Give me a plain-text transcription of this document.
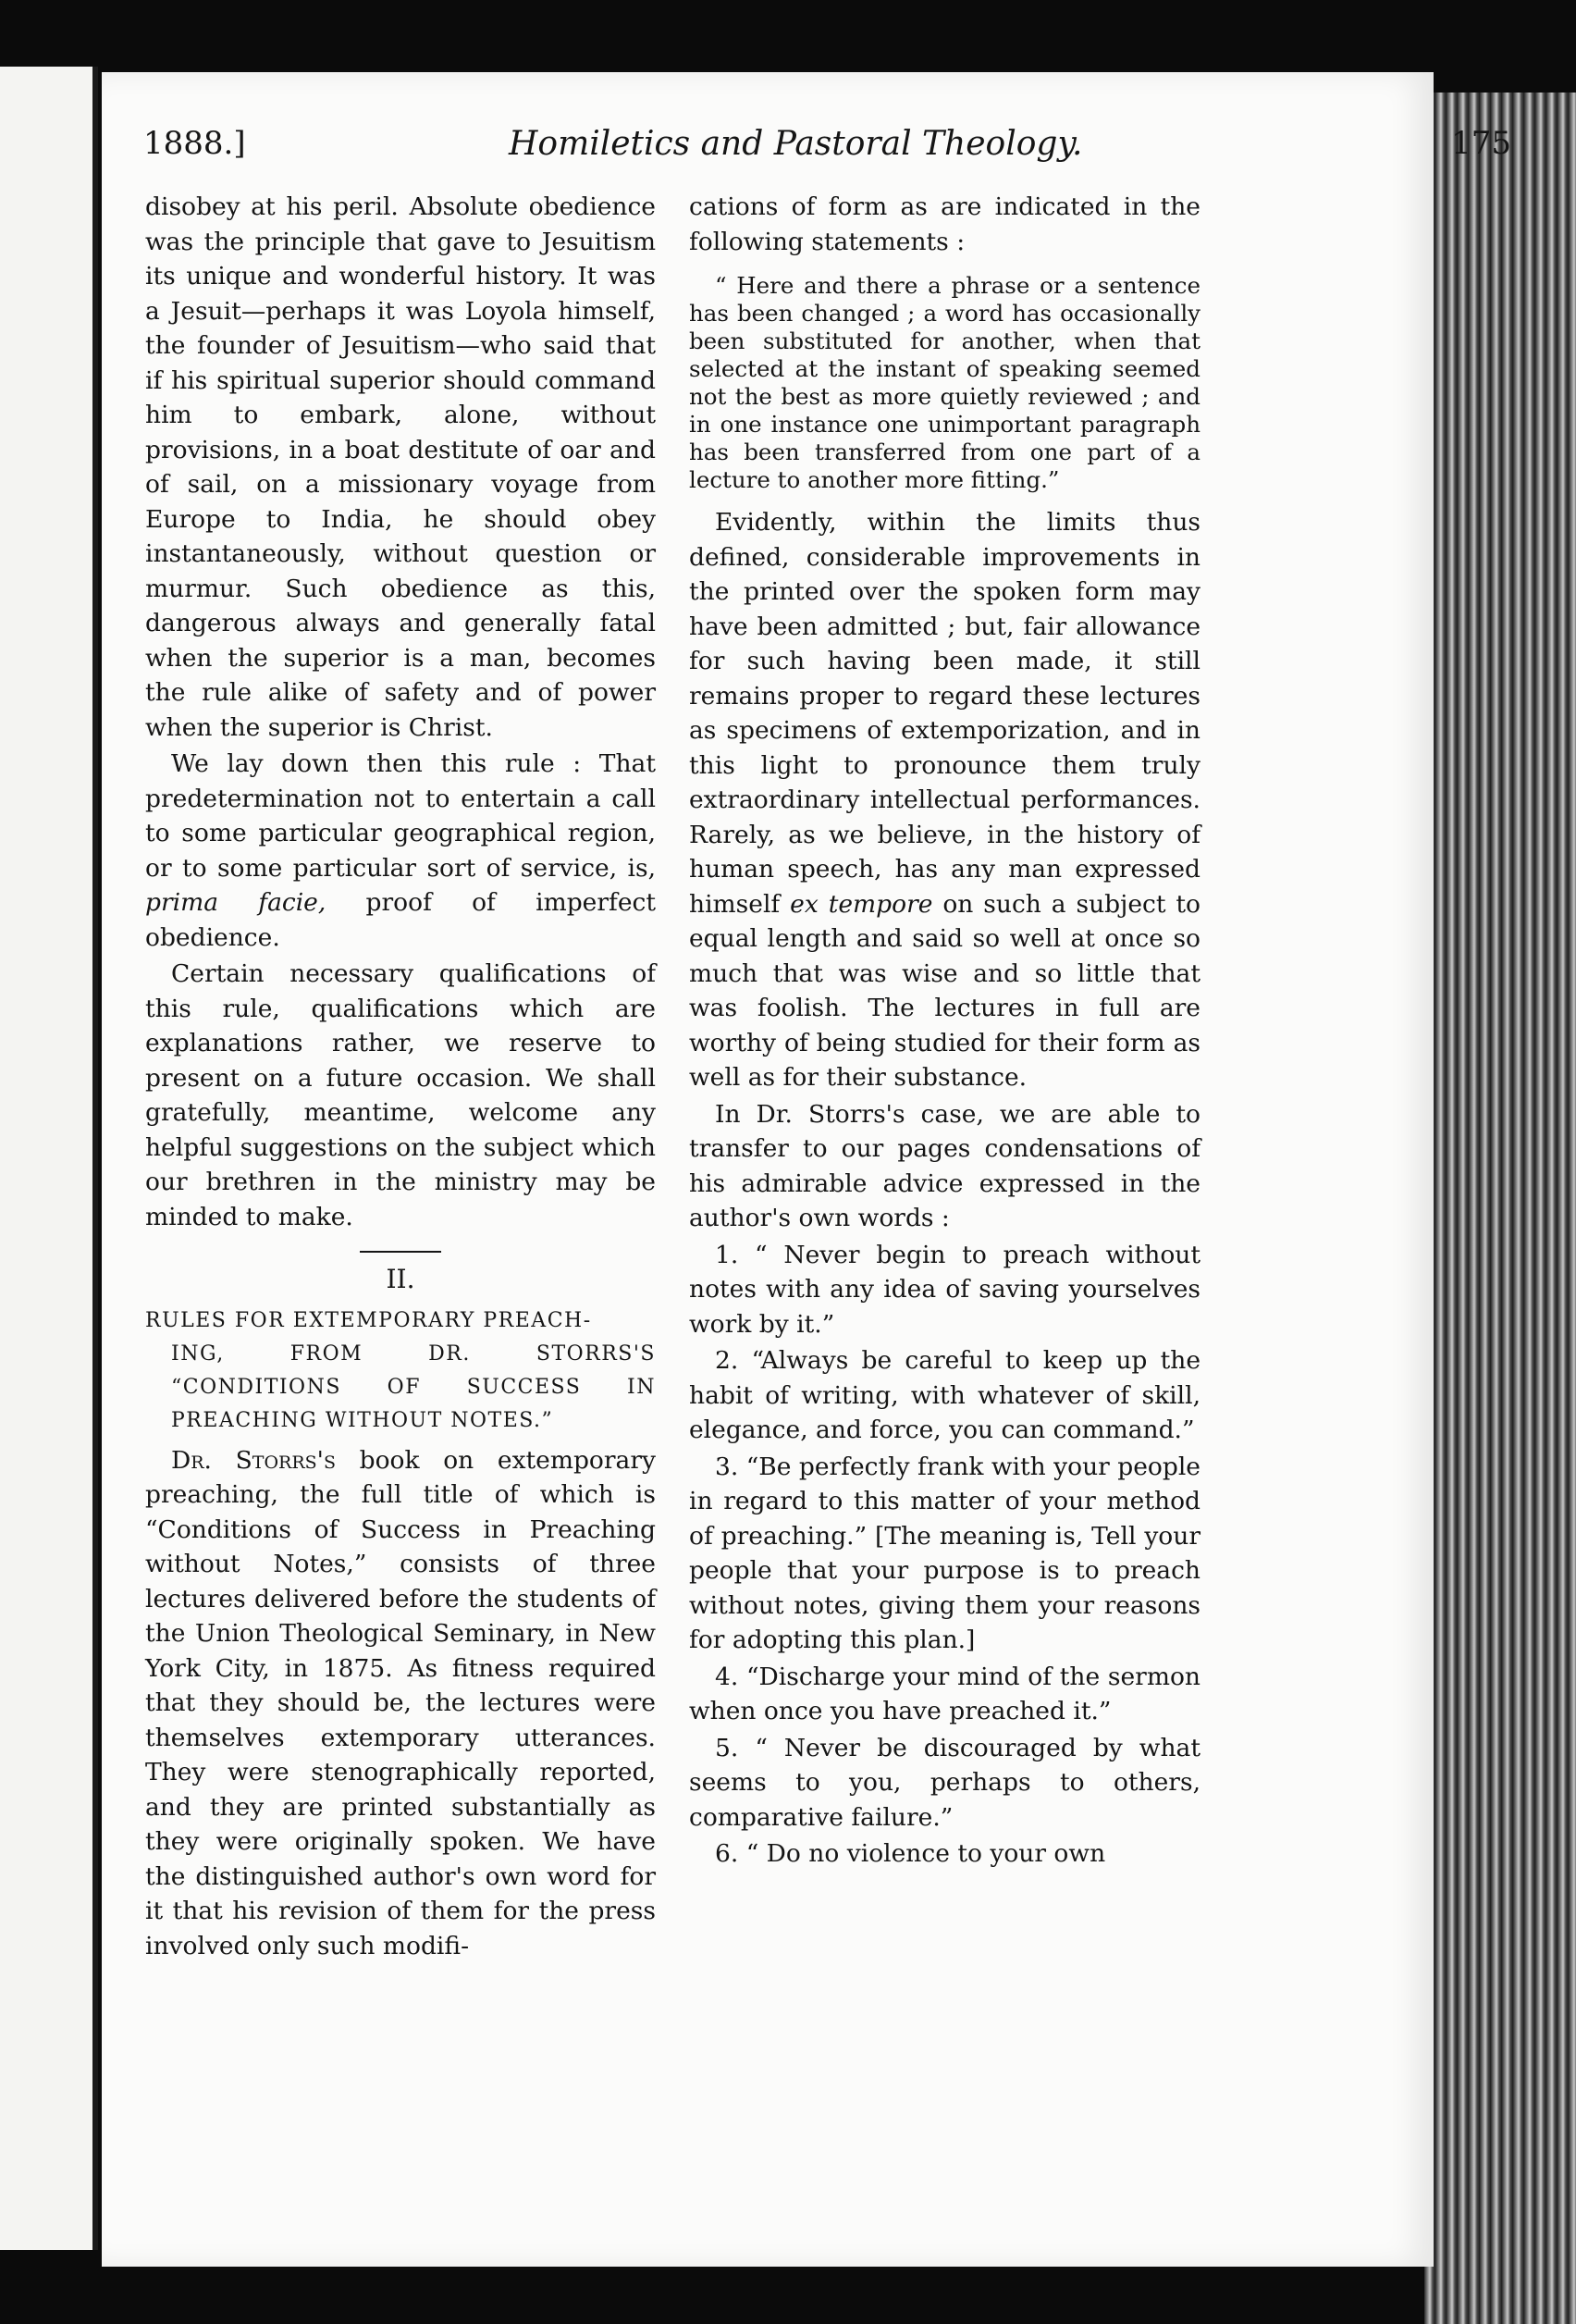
1888.]	Homiletics and Pastoral Theology.	175

disobey at his peril. Absolute obedience was the principle that gave to Jesuitism its unique and wonderful history. It was a Jesuit—perhaps it was Loyola himself, the founder of Jesuitism—who said that if his spiritual superior should command him to embark, alone, without provisions, in a boat destitute of oar and of sail, on a missionary voyage from Europe to India, he should obey instantaneously, without question or murmur. Such obedience as this, dangerous always and generally fatal when the superior is a man, becomes the rule alike of safety and of power when the superior is Christ.

We lay down then this rule : That predetermination not to entertain a call to some particular geographical region, or to some particular sort of service, is, prima facie, proof of imperfect obedience.

Certain necessary qualifications of this rule, qualifications which are explanations rather, we reserve to present on a future occasion. We shall gratefully, meantime, welcome any helpful suggestions on the subject which our brethren in the ministry may be minded to make.

II.
RULES FOR EXTEMPORARY PREACH-
ING, FROM DR. STORRS'S “CONDITIONS OF SUCCESS IN PREACHING WITHOUT NOTES.”

Dr. Storrs's book on extemporary preaching, the full title of which is “Conditions of Success in Preaching without Notes,” consists of three lectures delivered before the students of the Union Theological Seminary, in New York City, in 1875. As fitness required that they should be, the lectures were themselves extemporary utterances. They were stenographically reported, and they are printed substantially as they were originally spoken. We have the distinguished author's own word for it that his revision of them for the press involved only such modifi-

cations of form as are indicated in the following statements :

“ Here and there a phrase or a sentence has been changed ; a word has occasionally been substituted for another, when that selected at the instant of speaking seemed not the best as more quietly reviewed ; and in one instance one unimportant paragraph has been transferred from one part of a lecture to another more fitting.”

Evidently, within the limits thus defined, considerable improvements in the printed over the spoken form may have been admitted ; but, fair allowance for such having been made, it still remains proper to regard these lectures as specimens of extemporization, and in this light to pronounce them truly extraordinary intellectual performances. Rarely, as we believe, in the history of human speech, has any man expressed himself ex tempore on such a subject to equal length and said so well at once so much that was wise and so little that was foolish. The lectures in full are worthy of being studied for their form as well as for their substance.

In Dr. Storrs's case, we are able to transfer to our pages condensations of his admirable advice expressed in the author's own words :

1. “ Never begin to preach without notes with any idea of saving yourselves work by it.”

2. “Always be careful to keep up the habit of writing, with whatever of skill, elegance, and force, you can command.”

3. “Be perfectly frank with your people in regard to this matter of your method of preaching.” [The meaning is, Tell your people that your purpose is to preach without notes, giving them your reasons for adopting this plan.]

4. “Discharge your mind of the sermon when once you have preached it.”

5. “ Never be discouraged by what seems to you, perhaps to others, comparative failure.”

6. “ Do no violence to your own
